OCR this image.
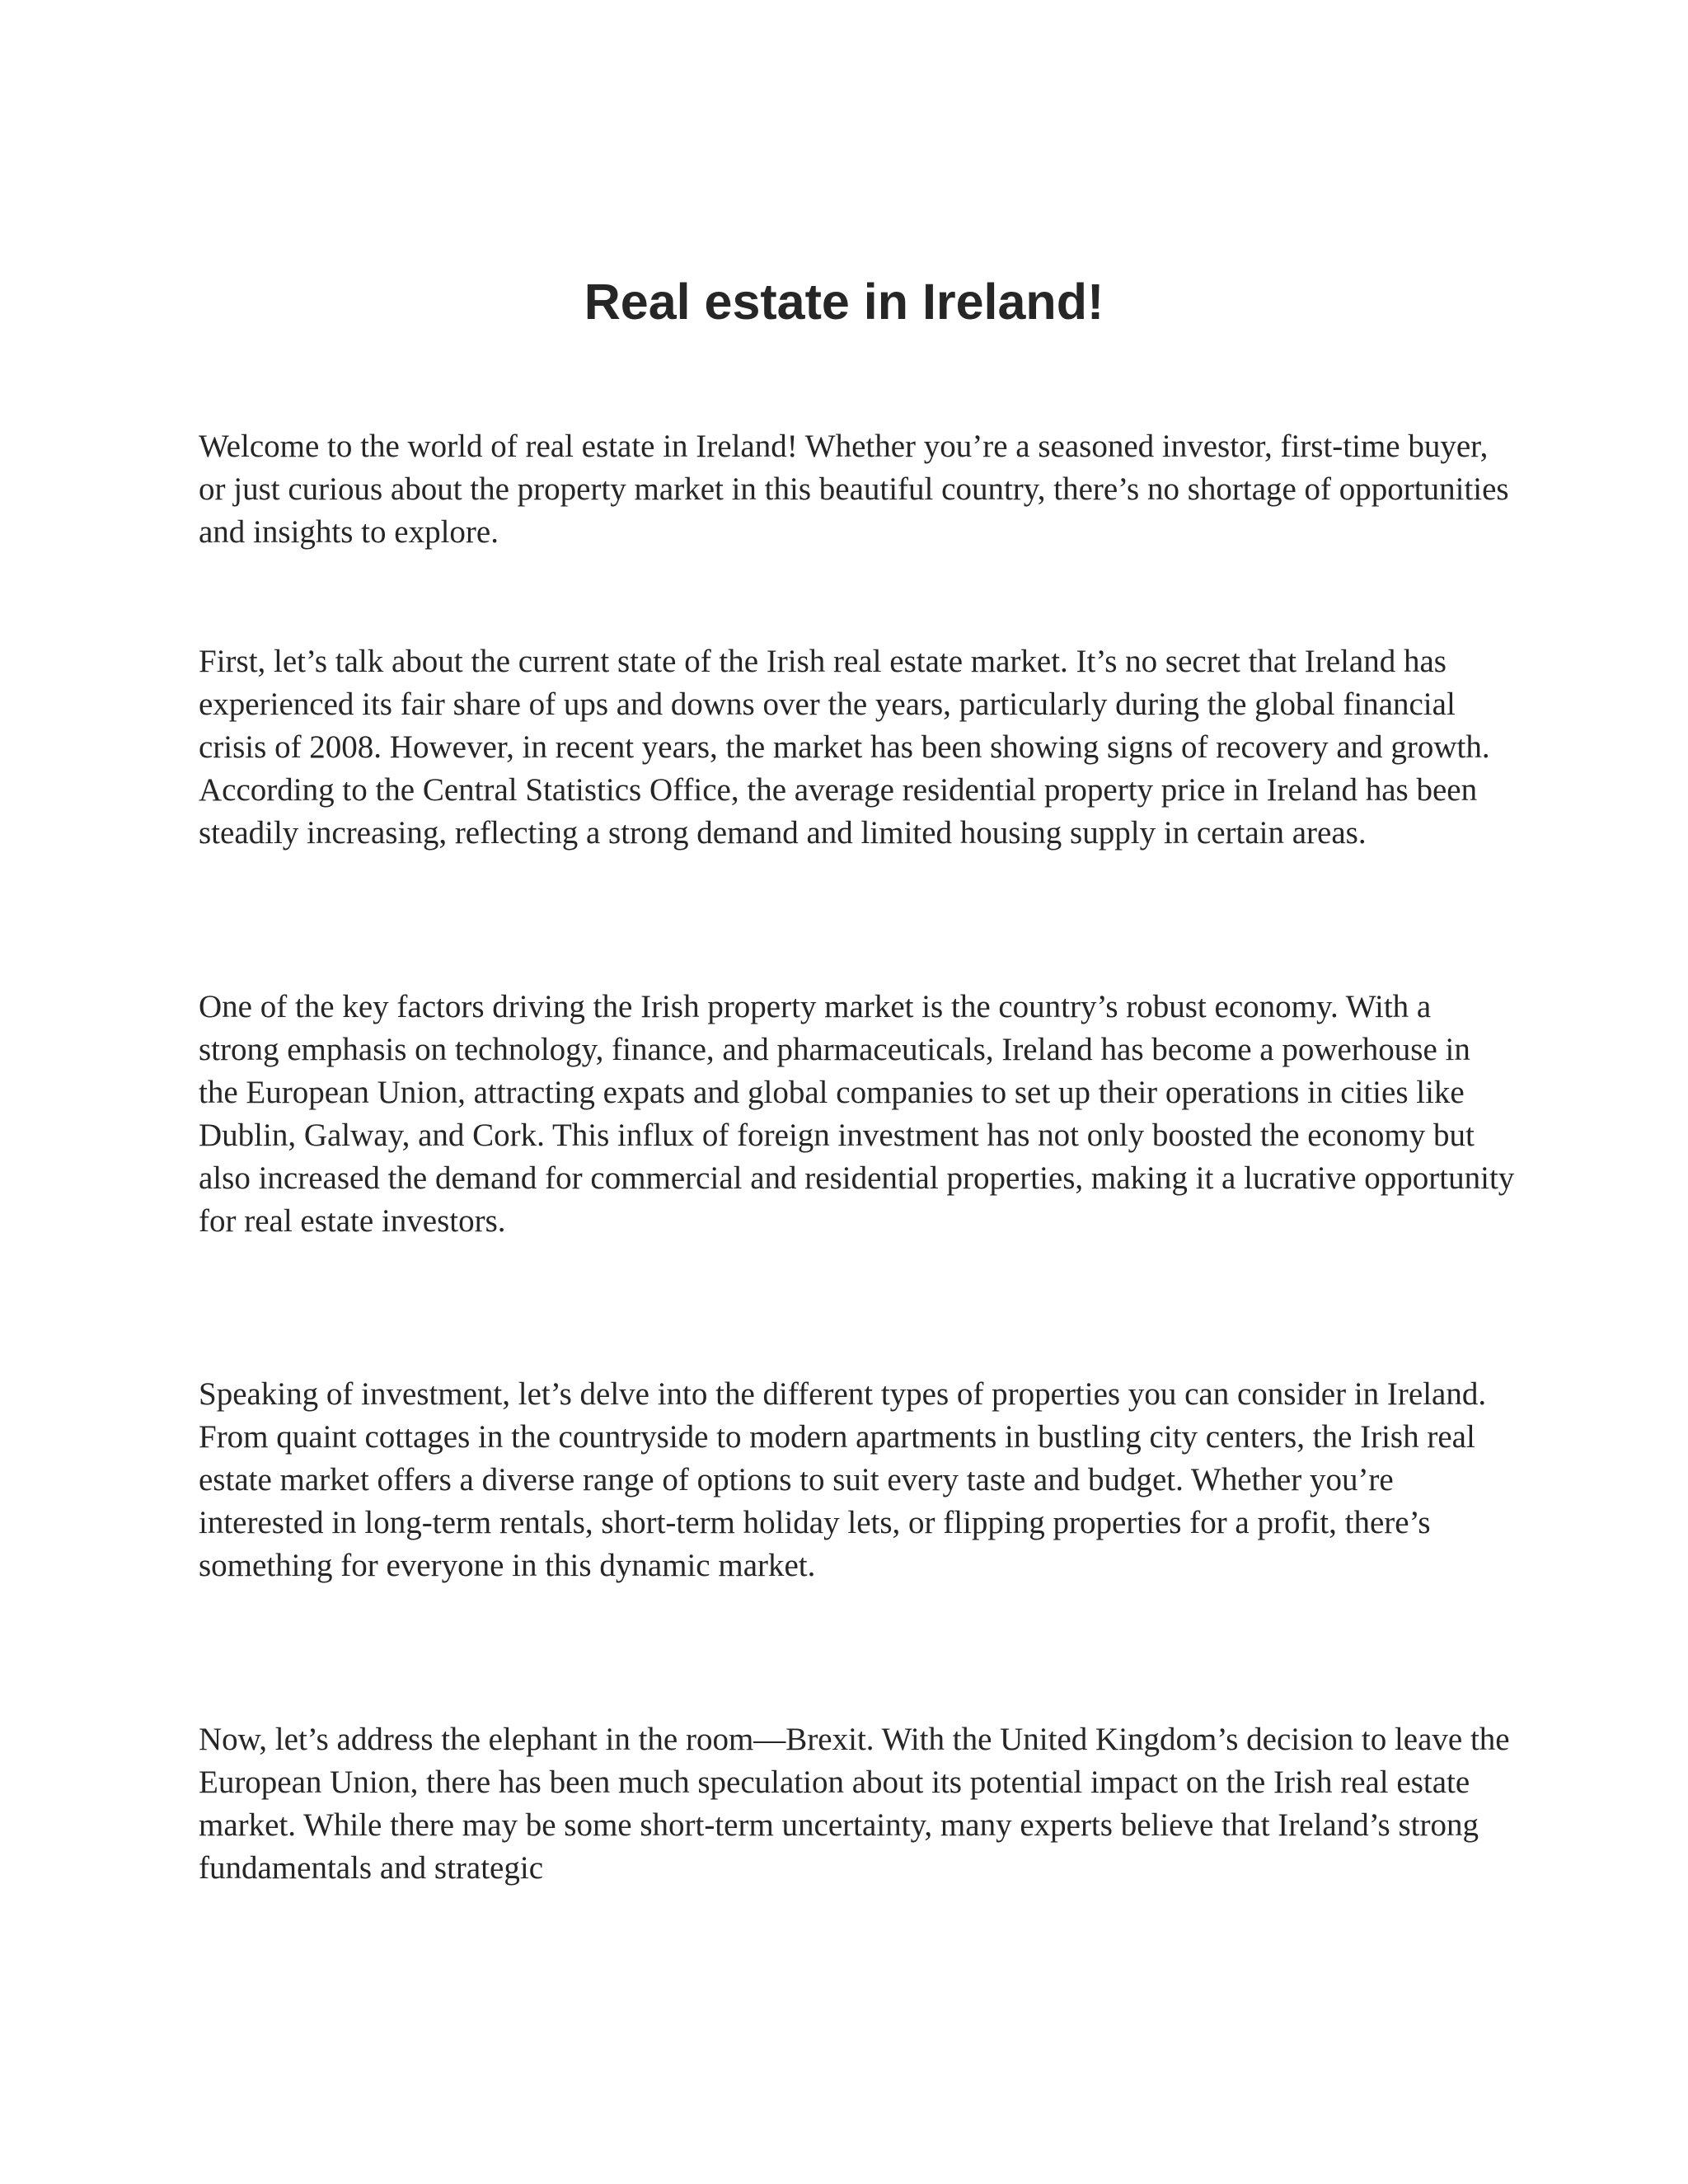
Real estate in Ireland!

Welcome to the world of real estate in Ireland! Whether you’re a seasoned investor, first-time buyer, or just curious about the property market in this beautiful country, there’s no shortage of opportunities and insights to explore.

First, let’s talk about the current state of the Irish real estate market. It’s no secret that Ireland has experienced its fair share of ups and downs over the years, particularly during the global financial crisis of 2008. However, in recent years, the market has been showing signs of recovery and growth. According to the Central Statistics Office, the average residential property price in Ireland has been steadily increasing, reflecting a strong demand and limited housing supply in certain areas.

One of the key factors driving the Irish property market is the country’s robust economy. With a strong emphasis on technology, finance, and pharmaceuticals, Ireland has become a powerhouse in the European Union, attracting expats and global companies to set up their operations in cities like Dublin, Galway, and Cork. This influx of foreign investment has not only boosted the economy but also increased the demand for commercial and residential properties, making it a lucrative opportunity for real estate investors.

Speaking of investment, let’s delve into the different types of properties you can consider in Ireland. From quaint cottages in the countryside to modern apartments in bustling city centers, the Irish real estate market offers a diverse range of options to suit every taste and budget. Whether you’re interested in long-term rentals, short-term holiday lets, or flipping properties for a profit, there’s something for everyone in this dynamic market.

Now, let’s address the elephant in the room—Brexit. With the United Kingdom’s decision to leave the European Union, there has been much speculation about its potential impact on the Irish real estate market. While there may be some short-term uncertainty, many experts believe that Ireland’s strong fundamentals and strategic
